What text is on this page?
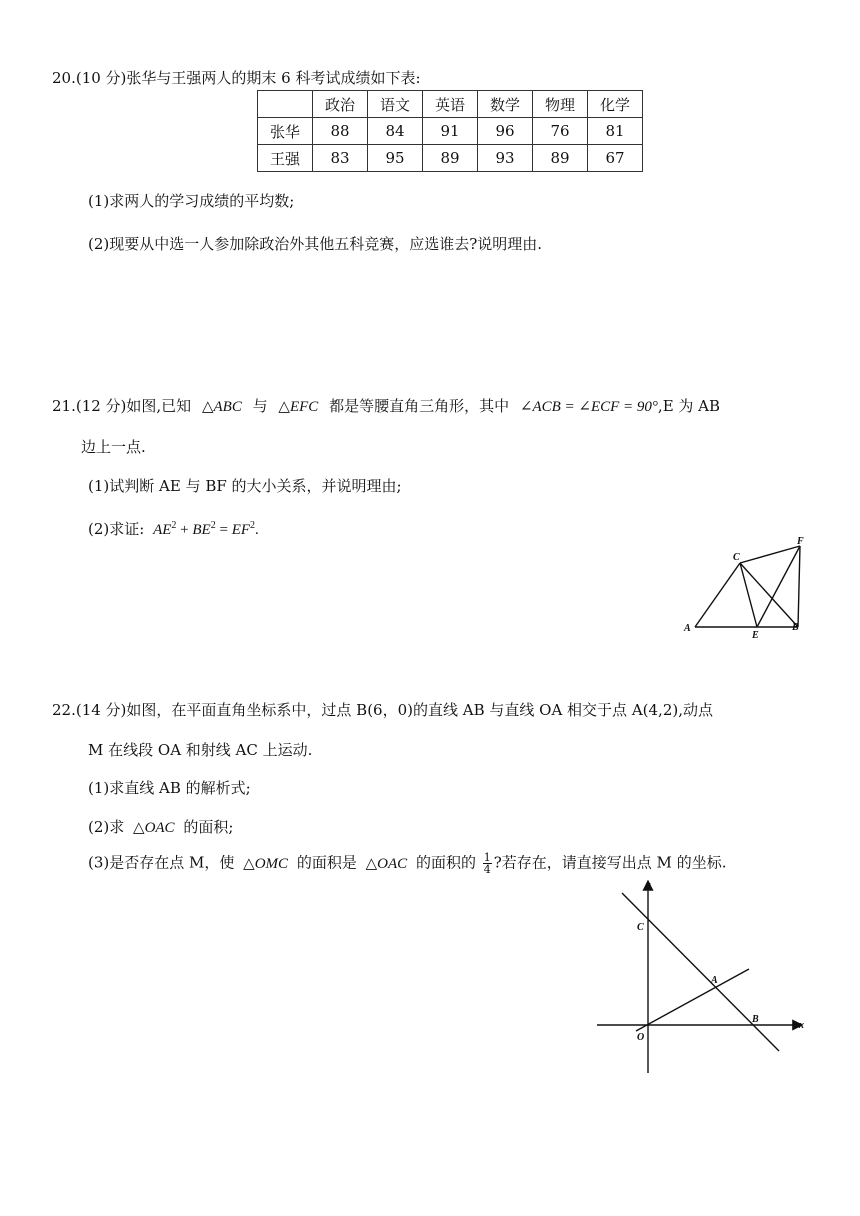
20.(10 分)张华与王强两人的期末 6 科考试成绩如下表:
	政治	语文	英语	数学	物理	化学
张华	88	84	91	96	76	81
王强	83	95	89	93	89	67
(1)求两人的学习成绩的平均数;
(2)现要从中选一人参加除政治外其他五科竞赛，应选谁去?说明理由.
21.(12 分)如图,已知 △ABC 与 △EFC 都是等腰直角三角形，其中 ∠ACB = ∠ECF = 90°,E 为 AB
边上一点.
(1)试判断 AE 与 BF 的大小关系，并说明理由;
(2)求证: $AE^2 + BE^2 = EF^2$.
A
C
F
E
B
22.(14 分)如图，在平面直角坐标系中，过点 B(6，0)的直线 AB 与直线 OA 相交于点 A(4,2),动点
M 在线段 OA 和射线 AC 上运动.
(1)求直线 AB 的解析式;
(2)求 △OAC 的面积;
(3)是否存在点 M，使 △OMC 的面积是 △OAC 的面积的 $\frac{1}{4}$ ?若存在，请直接写出点 M 的坐标.
y
x
C
A
B
O
